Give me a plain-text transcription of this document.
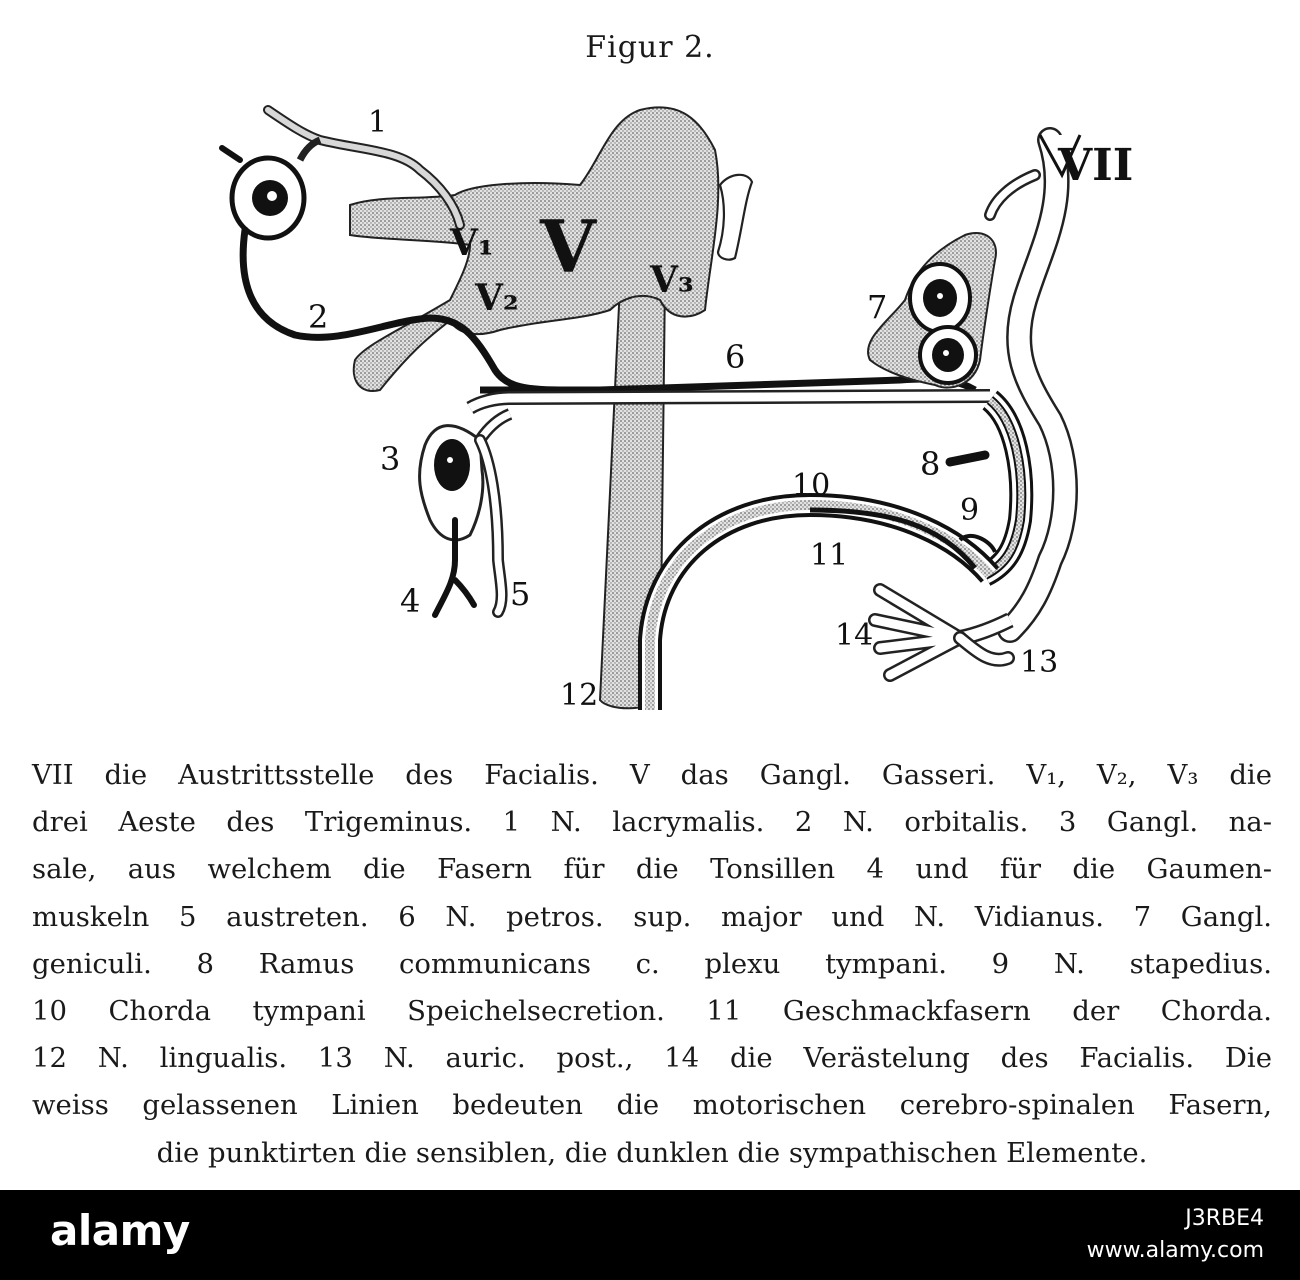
Figur 2.
VII
V
V₁
V₂	V₃
1
2
3
4	5
6
7
8
9
10
11
12
13
14
VII die Austrittsstelle des Facialis. V das Gangl. Gasseri. V₁, V₂, V₃ die
drei Aeste des Trigeminus. 1 N. lacrymalis. 2 N. orbitalis. 3 Gangl. na-
sale, aus welchem die Fasern für die Tonsillen 4 und für die Gaumen-
muskeln 5 austreten. 6 N. petros. sup. major und N. Vidianus. 7 Gangl.
geniculi. 8 Ramus communicans c. plexu tympani. 9 N. stapedius.
10 Chorda tympani Speichelsecretion. 11 Geschmackfasern der Chorda.
12 N. lingualis. 13 N. auric. post., 14 die Verästelung des Facialis. Die
weiss gelassenen Linien bedeuten die motorischen cerebro-spinalen Fasern,
die punktirten die sensiblen, die dunklen die sympathischen Elemente.
alamy	J3RBE4
www.alamy.com
